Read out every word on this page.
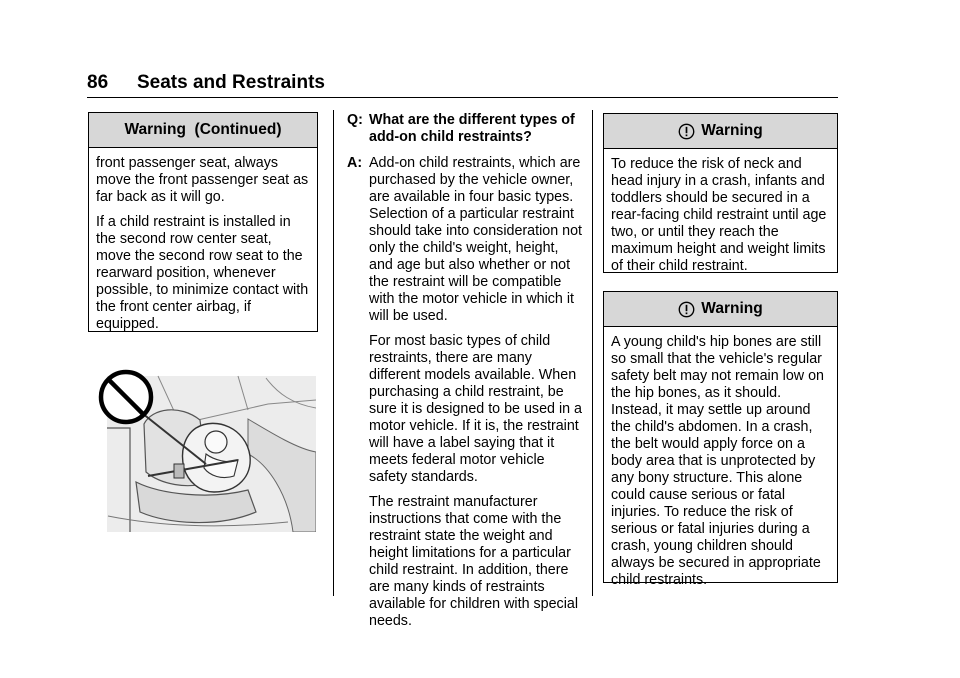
86 Seats and Restraints
Warning  (Continued)

front passenger seat, always move the front passenger seat as far back as it will go.

If a child restraint is installed in the second row center seat, move the second row seat to the rearward position, whenever possible, to minimize contact with the front center airbag, if equipped.

Q: What are the different types of add-on child restraints?
A: Add-on child restraints, which are purchased by the vehicle owner, are available in four basic types. Selection of a particular restraint should take into consideration not only the child's weight, height, and age but also whether or not the restraint will be compatible with the motor vehicle in which it will be used.

For most basic types of child restraints, there are many different models available. When purchasing a child restraint, be sure it is designed to be used in a motor vehicle. If it is, the restraint will have a label saying that it meets federal motor vehicle safety standards.

The restraint manufacturer instructions that come with the restraint state the weight and height limitations for a particular child restraint. In addition, there are many kinds of restraints available for children with special needs.

Warning
To reduce the risk of neck and head injury in a crash, infants and toddlers should be secured in a rear-facing child restraint until age two, or until they reach the maximum height and weight limits of their child restraint.
Warning
A young child's hip bones are still so small that the vehicle's regular safety belt may not remain low on the hip bones, as it should. Instead, it may settle up around the child's abdomen. In a crash, the belt would apply force on a body area that is unprotected by any bony structure. This alone could cause serious or fatal injuries. To reduce the risk of serious or fatal injuries during a crash, young children should always be secured in appropriate child restraints.
